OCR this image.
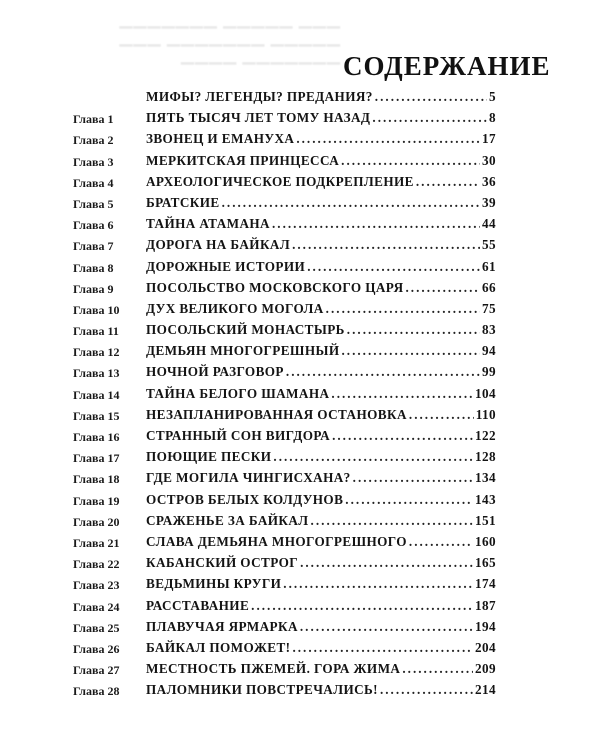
▔▔▔ ▔▔▔▔▔ ▔▔▔▔▔▔▔
▔▔▔▔▔ ▔▔▔▔▔▔▔ ▔▔▔
▔▔▔▔▔▔▔ ▔▔▔▔ СОДЕРЖАНИЕ
МИФЫ? ЛЕГЕНДЫ? ПРЕДАНИЯ? .....	5
Глава 1 ПЯТЬ ТЫСЯЧ ЛЕТ ТОМУ НАЗАД .....	8
Глава 2 ЗВОНЕЦ И ЕМАНУХА .....	17
Глава 3 МЕРКИТСКАЯ ПРИНЦЕССА .....	30
Глава 4 АРХЕОЛОГИЧЕСКОЕ ПОДКРЕПЛЕНИЕ .....	36
Глава 5 БРАТСКИЕ .....	39
Глава 6 ТАЙНА АТАМАНА .....	44
Глава 7 ДОРОГА НА БАЙКАЛ .....	55
Глава 8 ДОРОЖНЫЕ ИСТОРИИ .....	61
Глава 9 ПОСОЛЬСТВО МОСКОВСКОГО ЦАРЯ .....	66
Глава 10 ДУХ ВЕЛИКОГО МОГОЛА .....	75
Глава 11 ПОСОЛЬСКИЙ МОНАСТЫРЬ .....	83
Глава 12 ДЕМЬЯН МНОГОГРЕШНЫЙ .....	94
Глава 13 НОЧНОЙ РАЗГОВОР .....	99
Глава 14 ТАЙНА БЕЛОГО ШАМАНА .....	104
Глава 15 НЕЗАПЛАНИРОВАННАЯ ОСТАНОВКА .....	110
Глава 16 СТРАННЫЙ СОН ВИГДОРА .....	122
Глава 17 ПОЮЩИЕ ПЕСКИ .....	128
Глава 18 ГДЕ МОГИЛА ЧИНГИСХАНА? .....	134
Глава 19 ОСТРОВ БЕЛЫХ КОЛДУНОВ .....	143
Глава 20 СРАЖЕНЬЕ ЗА БАЙКАЛ .....	151
Глава 21 СЛАВА ДЕМЬЯНА МНОГОГРЕШНОГО .....	160
Глава 22 КАБАНСКИЙ ОСТРОГ .....	165
Глава 23 ВЕДЬМИНЫ КРУГИ .....	174
Глава 24 РАССТАВАНИЕ .....	187
Глава 25 ПЛАВУЧАЯ ЯРМАРКА .....	194
Глава 26 БАЙКАЛ ПОМОЖЕТ! .....	204
Глава 27 МЕСТНОСТЬ ПЖЕМЕЙ. ГОРА ЖИМА .....	209
Глава 28 ПАЛОМНИКИ ПОВСТРЕЧАЛИСЬ! .....	214
